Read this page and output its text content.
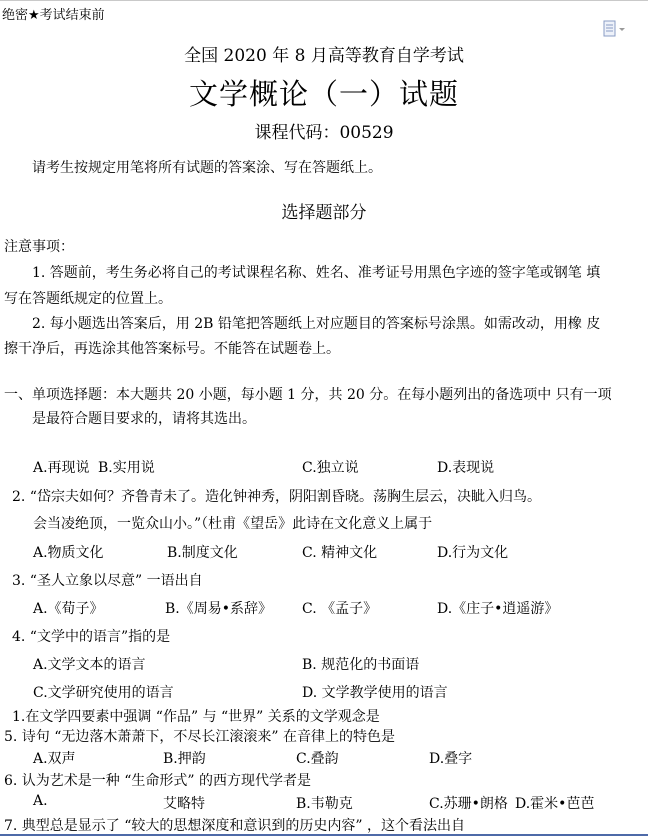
绝密★考试结束前
全国 2020 年 8 月高等教育自学考试
文学概论（一）试题
课程代码：00529
请考生按规定用笔将所有试题的答案涂、写在答题纸上。
选择题部分
注意事项：
1. 答题前，考生务必将自己的考试课程名称、姓名、准考证号用黑色字迹的签字笔或钢笔 填
写在答题纸规定的位置上。
2. 每小题选出答案后，用 2B 铅笔把答题纸上对应题目的答案标号涂黑。如需改动，用橡 皮
擦干净后，再选涂其他答案标号。不能答在试题卷上。
一、单项选择题：本大题共 20 小题，每小题 1 分，共 20 分。在每小题列出的备选项中 只有一项
是最符合题目要求的，请将其选出。
A.再现说 B.实用说	C.独立说	D.表现说
2. “岱宗夫如何？齐鲁青未了。造化钟神秀，阴阳割昏晓。荡胸生层云，决眦入归鸟。
会当凌绝顶，一览众山小。”（杜甫《望岳》此诗在文化意义上属于
A.物质文化	B.制度文化	C. 精神文化	D.行为文化
3. “圣人立象以尽意” 一语出自
A.《荀子》	B.《周易•系辞》 C. 《孟子》	D.《庄子•逍遥游》
4. “文学中的语言”指的是
A.文学文本的语言	B. 规范化的书面语
C.文学研究使用的语言	D. 文学教学使用的语言
1.在文学四要素中强调 “作品” 与 “世界” 关系的文学观念是
5. 诗句 “无边落木萧萧下，不尽长江滚滚来” 在音律上的特色是
A.双声	B.押韵	C.叠韵	D.叠字
6. 认为艺术是一种 “生命形式” 的西方现代学者是
A.	艾略特	B.韦勒克	C.苏珊•朗格 D.霍米•芭芭
7. 典型总是显示了 “较大的思想深度和意识到的历史内容” ，这个看法出自
